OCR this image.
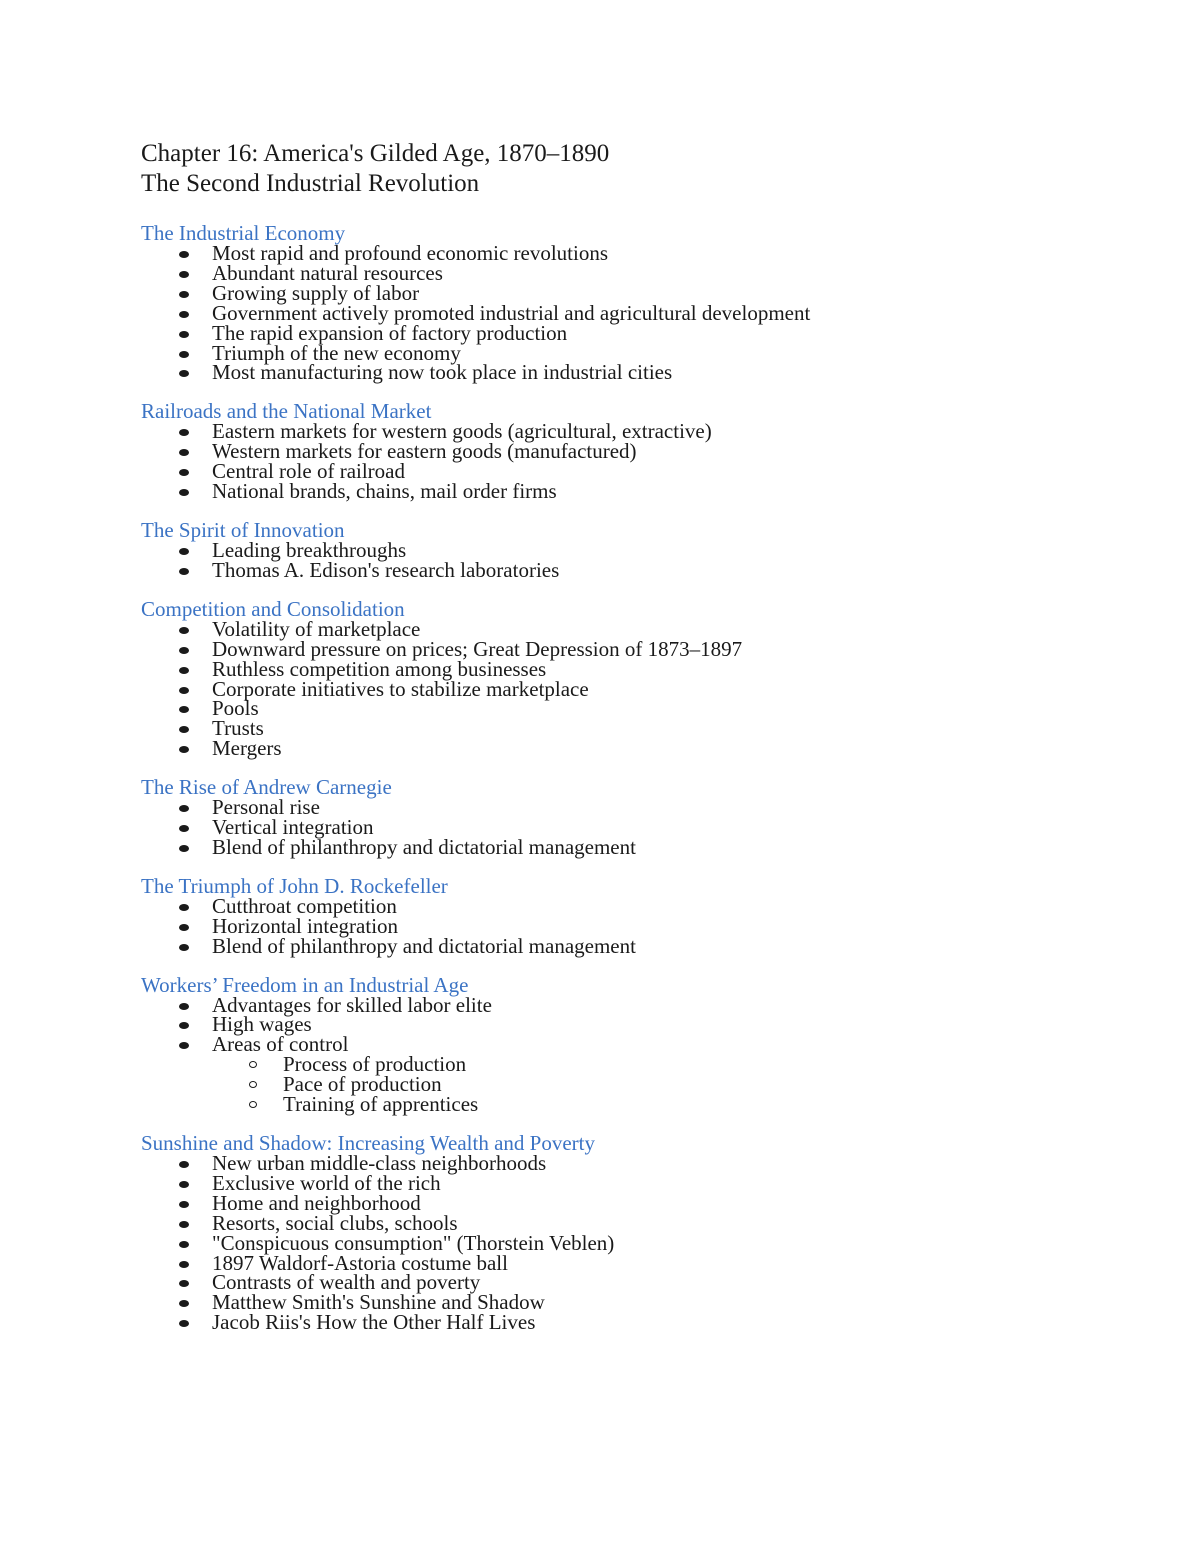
Chapter 16: America's Gilded Age, 1870–1890

The Second Industrial Revolution

The Industrial Economy

Most rapid and profound economic revolutions
Abundant natural resources
Growing supply of labor
Government actively promoted industrial and agricultural development
The rapid expansion of factory production
Triumph of the new economy
Most manufacturing now took place in industrial cities

Railroads and the National Market

Eastern markets for western goods (agricultural, extractive)
Western markets for eastern goods (manufactured)
Central role of railroad
National brands, chains, mail order firms

The Spirit of Innovation

Leading breakthroughs
Thomas A. Edison's research laboratories

Competition and Consolidation

Volatility of marketplace
Downward pressure on prices; Great Depression of 1873–1897
Ruthless competition among businesses
Corporate initiatives to stabilize marketplace
Pools
Trusts
Mergers

The Rise of Andrew Carnegie

Personal rise
Vertical integration
Blend of philanthropy and dictatorial management

The Triumph of John D. Rockefeller

Cutthroat competition
Horizontal integration
Blend of philanthropy and dictatorial management

Workers’ Freedom in an Industrial Age

Advantages for skilled labor elite
High wages
Areas of control
Process of production
Pace of production
Training of apprentices

Sunshine and Shadow: Increasing Wealth and Poverty

New urban middle-class neighborhoods
Exclusive world of the rich
Home and neighborhood
Resorts, social clubs, schools
"Conspicuous consumption" (Thorstein Veblen)
1897 Waldorf-Astoria costume ball
Contrasts of wealth and poverty
Matthew Smith's Sunshine and Shadow
Jacob Riis's How the Other Half Lives
